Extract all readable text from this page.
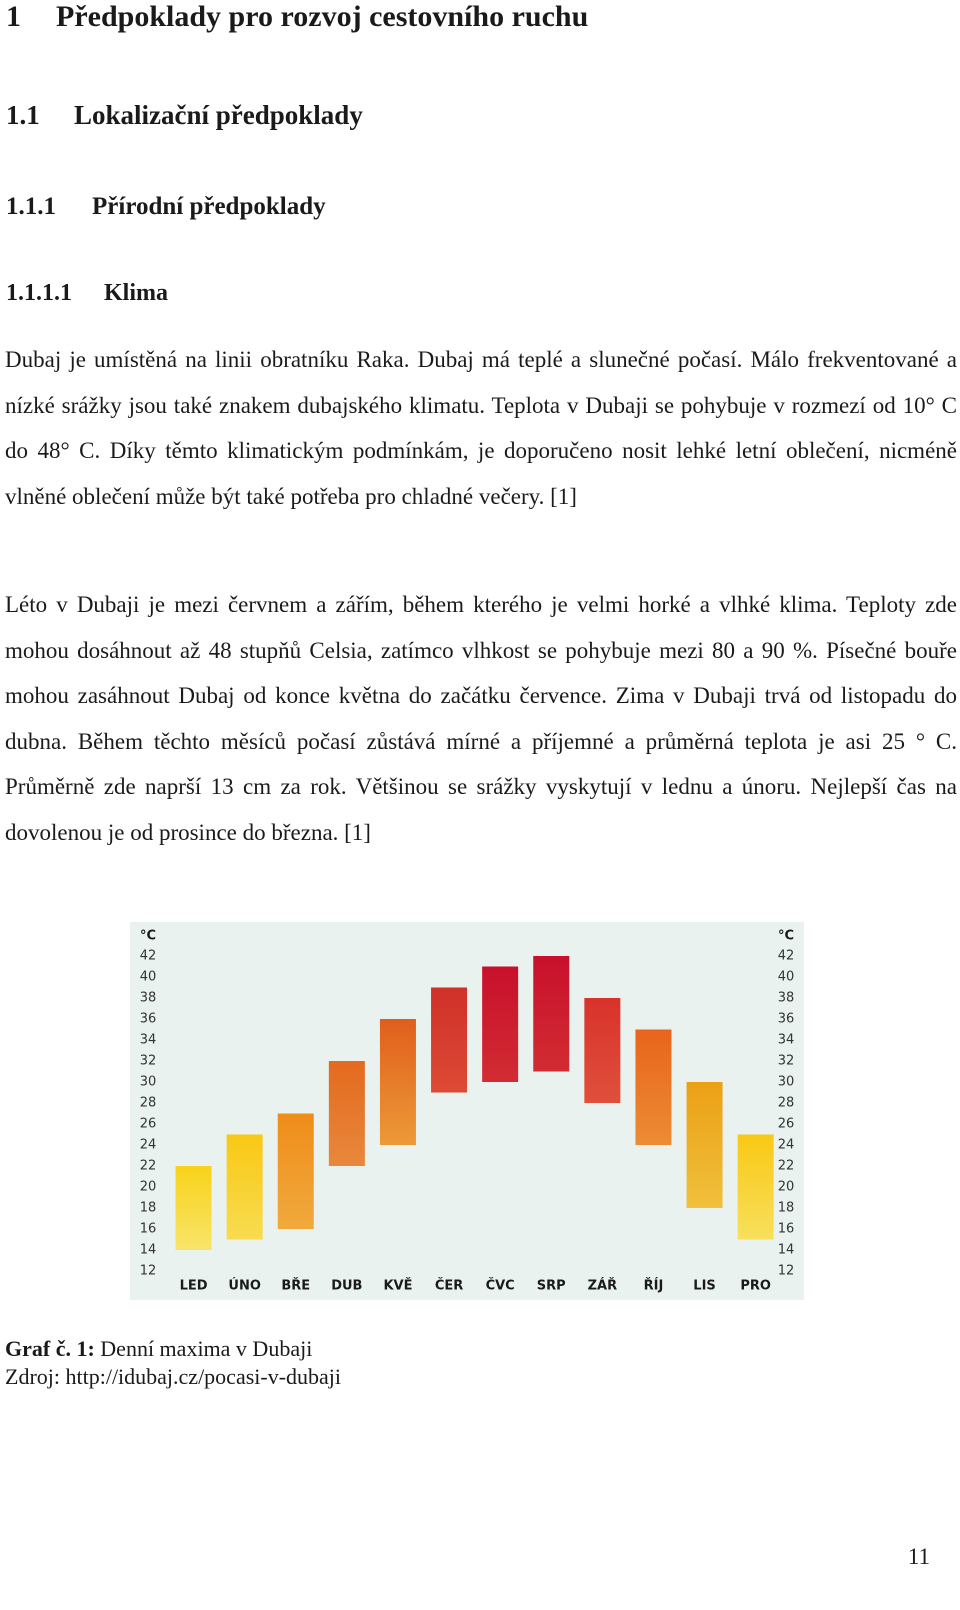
1 Předpoklady pro rozvoj cestovního ruchu
1.1 Lokalizační předpoklady
1.1.1 Přírodní předpoklady
1.1.1.1 Klima

Dubaj je umístěná na linii obratníku Raka. Dubaj má teplé a slunečné počasí. Málo frekventované a nízké srážky jsou také znakem dubajského klimatu. Teplota v Dubaji se pohybuje v rozmezí od 10° C do 48° C. Díky těmto klimatickým podmínkám, je doporučeno nosit lehké letní oblečení, nicméně vlněné oblečení může být také potřeba pro chladné večery. [1]

Léto v Dubaji je mezi červnem a zářím, během kterého je velmi horké a vlhké klima. Teploty zde mohou dosáhnout až 48 stupňů Celsia, zatímco vlhkost se pohybuje mezi 80 a 90 %. Písečné bouře mohou zasáhnout Dubaj od konce května do začátku července. Zima v Dubaji trvá od listopadu do dubna. Během těchto měsíců počasí zůstává mírné a příjemné a průměrná teplota je asi 25 ° C. Průměrně zde naprší 13 cm za rok. Většinou se srážky vyskytují v lednu a únoru. Nejlepší čas na dovolenou je od prosince do března. [1]

°C	°C
12	12
14	14
16	16
18	18
20	20
22	22
24	24
26	26
28	28
30	30
32	32
34	34
36	36
38	38
40	40
42	42
LED ÚNO BŘE DUB KVĚ ČER ČVC SRP ZÁŘ ŘÍJ LIS PRO
Graf č. 1: Denní maxima v Dubaji
Zdroj: http://idubaj.cz/pocasi-v-dubaji
11
